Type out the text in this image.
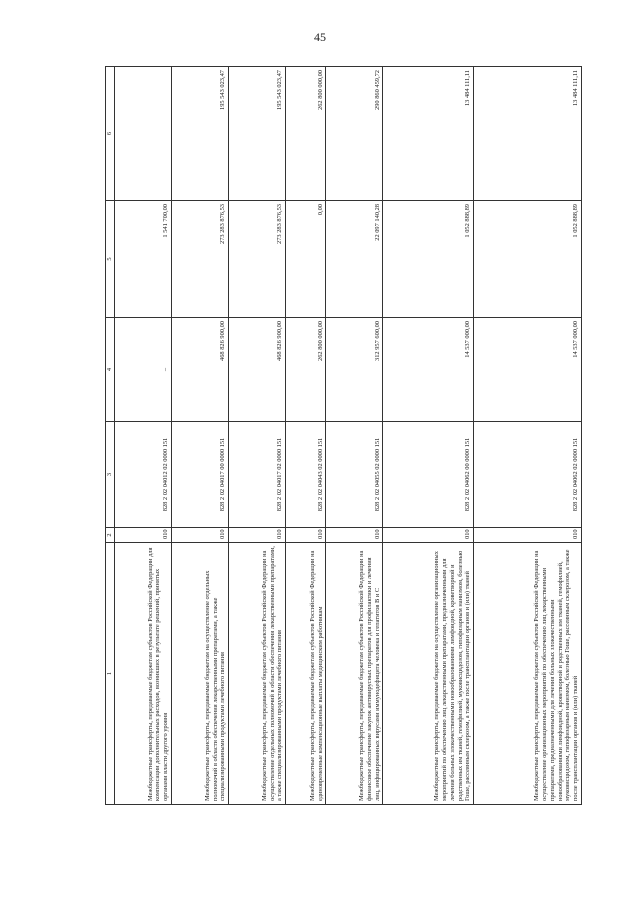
45
1	2	3	4	5	6
Межбюджетные трансферты, передаваемые бюджетам субъектов Российской Федерации для компенсации дополнительных расходов, возникших в результате решений, принятых органами власти другого уровня	010	828 2 02 04012 02 0000 151	–	1 541 700,00	
Межбюджетные трансферты, передаваемые бюджетам на осуществление отдельных полномочий в области обеспечения лекарственными препаратами, а также специализированными продуктами лечебного питания	010	828 2 02 04017 00 0000 151	468 826 900,00	273 283 876,53	195 543 023,47
Межбюджетные трансферты, передаваемые бюджетам субъектов Российской Федерации на осуществление отдельных полномочий в области обеспечения лекарственными препаратами, а также специализированными продуктами лечебного питания	010	828 2 02 04017 02 0000 151	468 826 900,00	273 283 876,53	195 543 023,47
Межбюджетные трансферты, передаваемые бюджетам субъектов Российской Федерации на единовременные компенсационные выплаты медицинским работникам	010	828 2 02 04043 02 0000 151	262 800 000,00	0,00	262 800 000,00
Межбюджетные трансферты, передаваемые бюджетам субъектов Российской Федерации на финансовое обеспечение закупок антивирусных препаратов для профилактики и лечения лиц, инфицированных вирусами иммунодефицита человека и гепатитов В и С	010	828 2 02 04055 02 0000 151	312 957 600,00	22 097 140,28	290 860 459,72
Межбюджетные трансферты, передаваемые бюджетам на осуществление организационных мероприятий по обеспечению лиц лекарственными препаратами, предназначенными для лечения больных злокачественными новообразованиями лимфоидной, кроветворной и родственных им тканей, гемофилией, муковисцидозом, гипофизарным нанизмом, болезнью Гоше, рассеянным склерозом, а также после трансплантации органов и (или) тканей	010	828 2 02 04062 00 0000 151	14 537 000,00	1 052 888,89	13 484 111,11
Межбюджетные трансферты, передаваемые бюджетам субъектов Российской Федерации на осуществление организационных мероприятий по обеспечению лиц лекарственными препаратами, предназначенными для лечения больных злокачественными новообразованиями лимфоидной, кроветворной и родственных им тканей, гемофилией, муковисцидозом, гипофизарным нанизмом, болезнью Гоше, рассеянным склерозом, а также после трансплантации органов и (или) тканей	010	828 2 02 04062 02 0000 151	14 537 000,00	1 052 888,89	13 484 111,11
